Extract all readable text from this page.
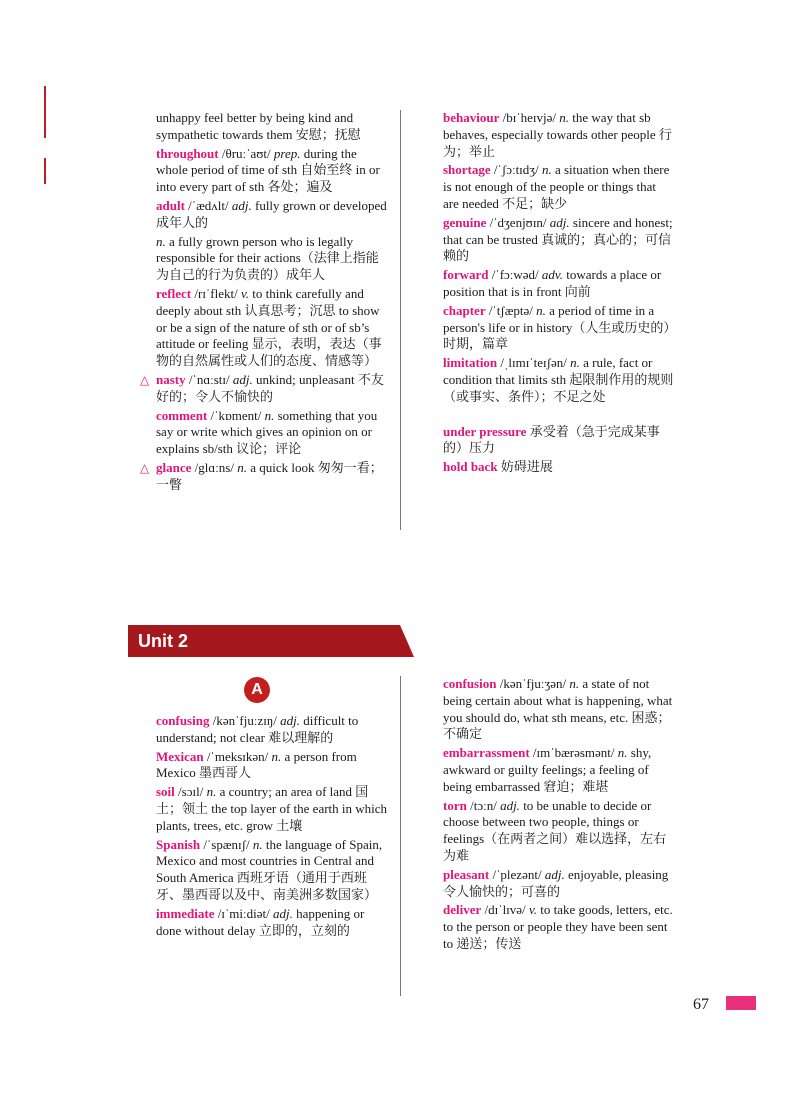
unhappy feel better by being kind and sympathetic towards them 安慰；抚慰

throughout /θruːˈaʊt/ prep. during the whole period of time of sth 自始至终 in or into every part of sth 各处；遍及

adult /ˈædʌlt/ adj. fully grown or developed 成年人的

n. a fully grown person who is legally responsible for their actions（法律上指能为自己的行为负责的）成年人

reflect /rɪˈflekt/ v. to think carefully and deeply about sth 认真思考；沉思 to show or be a sign of the nature of sth or of sb’s attitude or feeling 显示，表明，表达（事物的自然属性或人们的态度、情感等）

△ nasty /ˈnɑːstɪ/ adj. unkind; unpleasant 不友好的；令人不愉快的

comment /ˈkɒment/ n. something that you say or write which gives an opinion on or explains sb/sth 议论；评论

△ glance /glɑːns/ n. a quick look 匆匆一看；一瞥

behaviour /bɪˈheɪvjə/ n. the way that sb behaves, especially towards other people 行为；举止

shortage /ˈʃɔːtɪdʒ/ n. a situation when there is not enough of the people or things that are needed 不足；缺少

genuine /ˈdʒenjʊɪn/ adj. sincere and honest; that can be trusted 真诚的；真心的；可信赖的

forward /ˈfɔːwəd/ adv. towards a place or position that is in front 向前

chapter /ˈtʃæptə/ n. a period of time in a person's life or in history（人生或历史的）时期，篇章

limitation /ˌlɪmɪˈteɪʃən/ n. a rule, fact or condition that limits sth 起限制作用的规则（或事实、条件）；不足之处

under pressure 承受着（急于完成某事的）压力

hold back 妨碍进展

Unit 2
A

confusing /kənˈfjuːzɪŋ/ adj. difficult to understand; not clear 难以理解的

Mexican /ˈmeksɪkən/ n. a person from Mexico 墨西哥人

soil /sɔɪl/ n. a country; an area of land 国土；领土 the top layer of the earth in which plants, trees, etc. grow 土壤

Spanish /ˈspænɪʃ/ n. the language of Spain, Mexico and most countries in Central and South America 西班牙语（通用于西班牙、墨西哥以及中、南美洲多数国家）

immediate /ɪˈmiːdiət/ adj. happening or done without delay 立即的，立刻的

confusion /kənˈfjuːʒən/ n. a state of not being certain about what is happening, what you should do, what sth means, etc. 困惑；不确定

embarrassment /ɪmˈbærəsmənt/ n. shy, awkward or guilty feelings; a feeling of being embarrassed 窘迫；难堪

torn /tɔːn/ adj. to be unable to decide or choose between two people, things or feelings（在两者之间）难以选择，左右为难

pleasant /ˈplezənt/ adj. enjoyable, pleasing 令人愉快的；可喜的

deliver /dɪˈlɪvə/ v. to take goods, letters, etc. to the person or people they have been sent to 递送；传送

67
